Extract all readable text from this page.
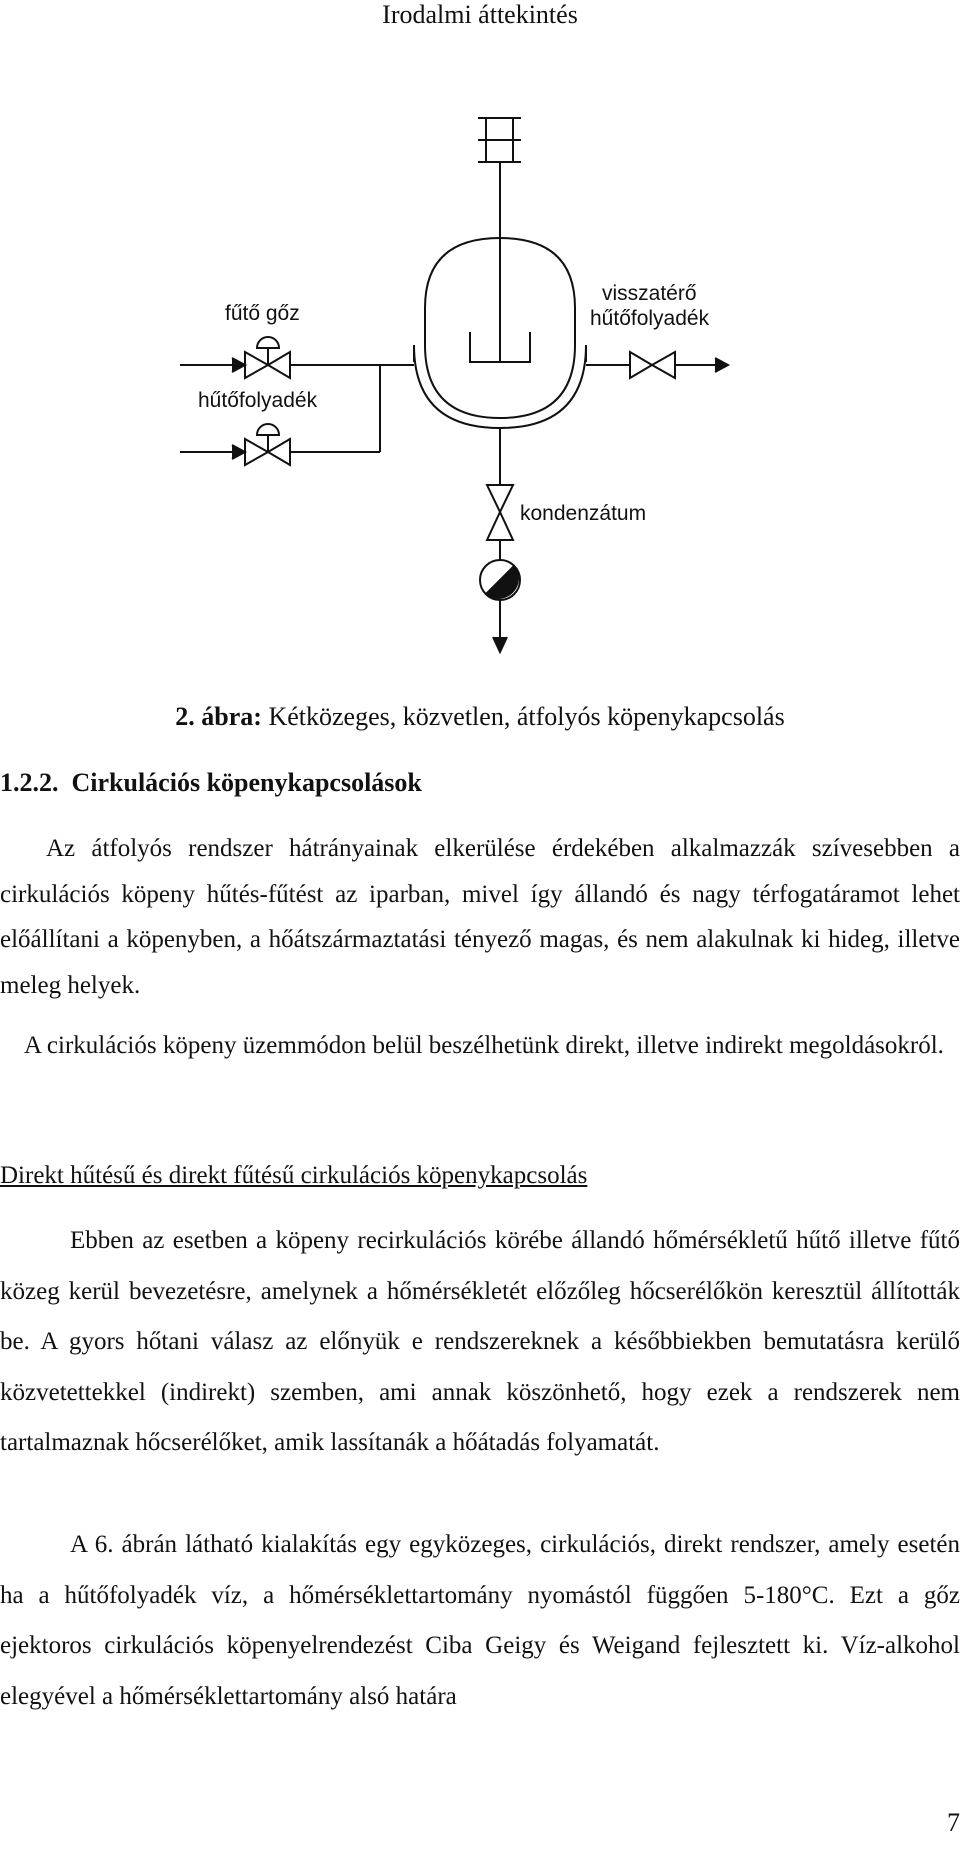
Irodalmi áttekintés
fűtő gőz
hűtőfolyadék
visszatérő
hűtőfolyadék
kondenzátum
2. ábra: Kétközeges, közvetlen, átfolyós köpenykapcsolás
1.2.2. Cirkulációs köpenykapcsolások

Az átfolyós rendszer hátrányainak elkerülése érdekében alkalmazzák szívesebben a cirkulációs köpeny hűtés-fűtést az iparban, mivel így állandó és nagy térfogatáramot lehet előállítani a köpenyben, a hőátszármaztatási tényező magas, és nem alakulnak ki hideg, illetve meleg helyek.

A cirkulációs köpeny üzemmódon belül beszélhetünk direkt, illetve indirekt megoldásokról.

Direkt hűtésű és direkt fűtésű cirkulációs köpenykapcsolás

Ebben az esetben a köpeny recirkulációs körébe állandó hőmérsékletű hűtő illetve fűtő közeg kerül bevezetésre, amelynek a hőmérsékletét előzőleg hőcserélőkön keresztül állították be. A gyors hőtani válasz az előnyük e rendszereknek a későbbiekben bemutatásra kerülő közvetettekkel (indirekt) szemben, ami annak köszönhető, hogy ezek a rendszerek nem tartalmaznak hőcserélőket, amik lassítanák a hőátadás folyamatát.

A 6. ábrán látható kialakítás egy egyközeges, cirkulációs, direkt rendszer, amely esetén ha a hűtőfolyadék víz, a hőmérséklettartomány nyomástól függően 5-180°C. Ezt a gőz ejektoros cirkulációs köpenyelrendezést Ciba Geigy és Weigand fejlesztett ki. Víz-alkohol elegyével a hőmérséklettartomány alsó határa

7
